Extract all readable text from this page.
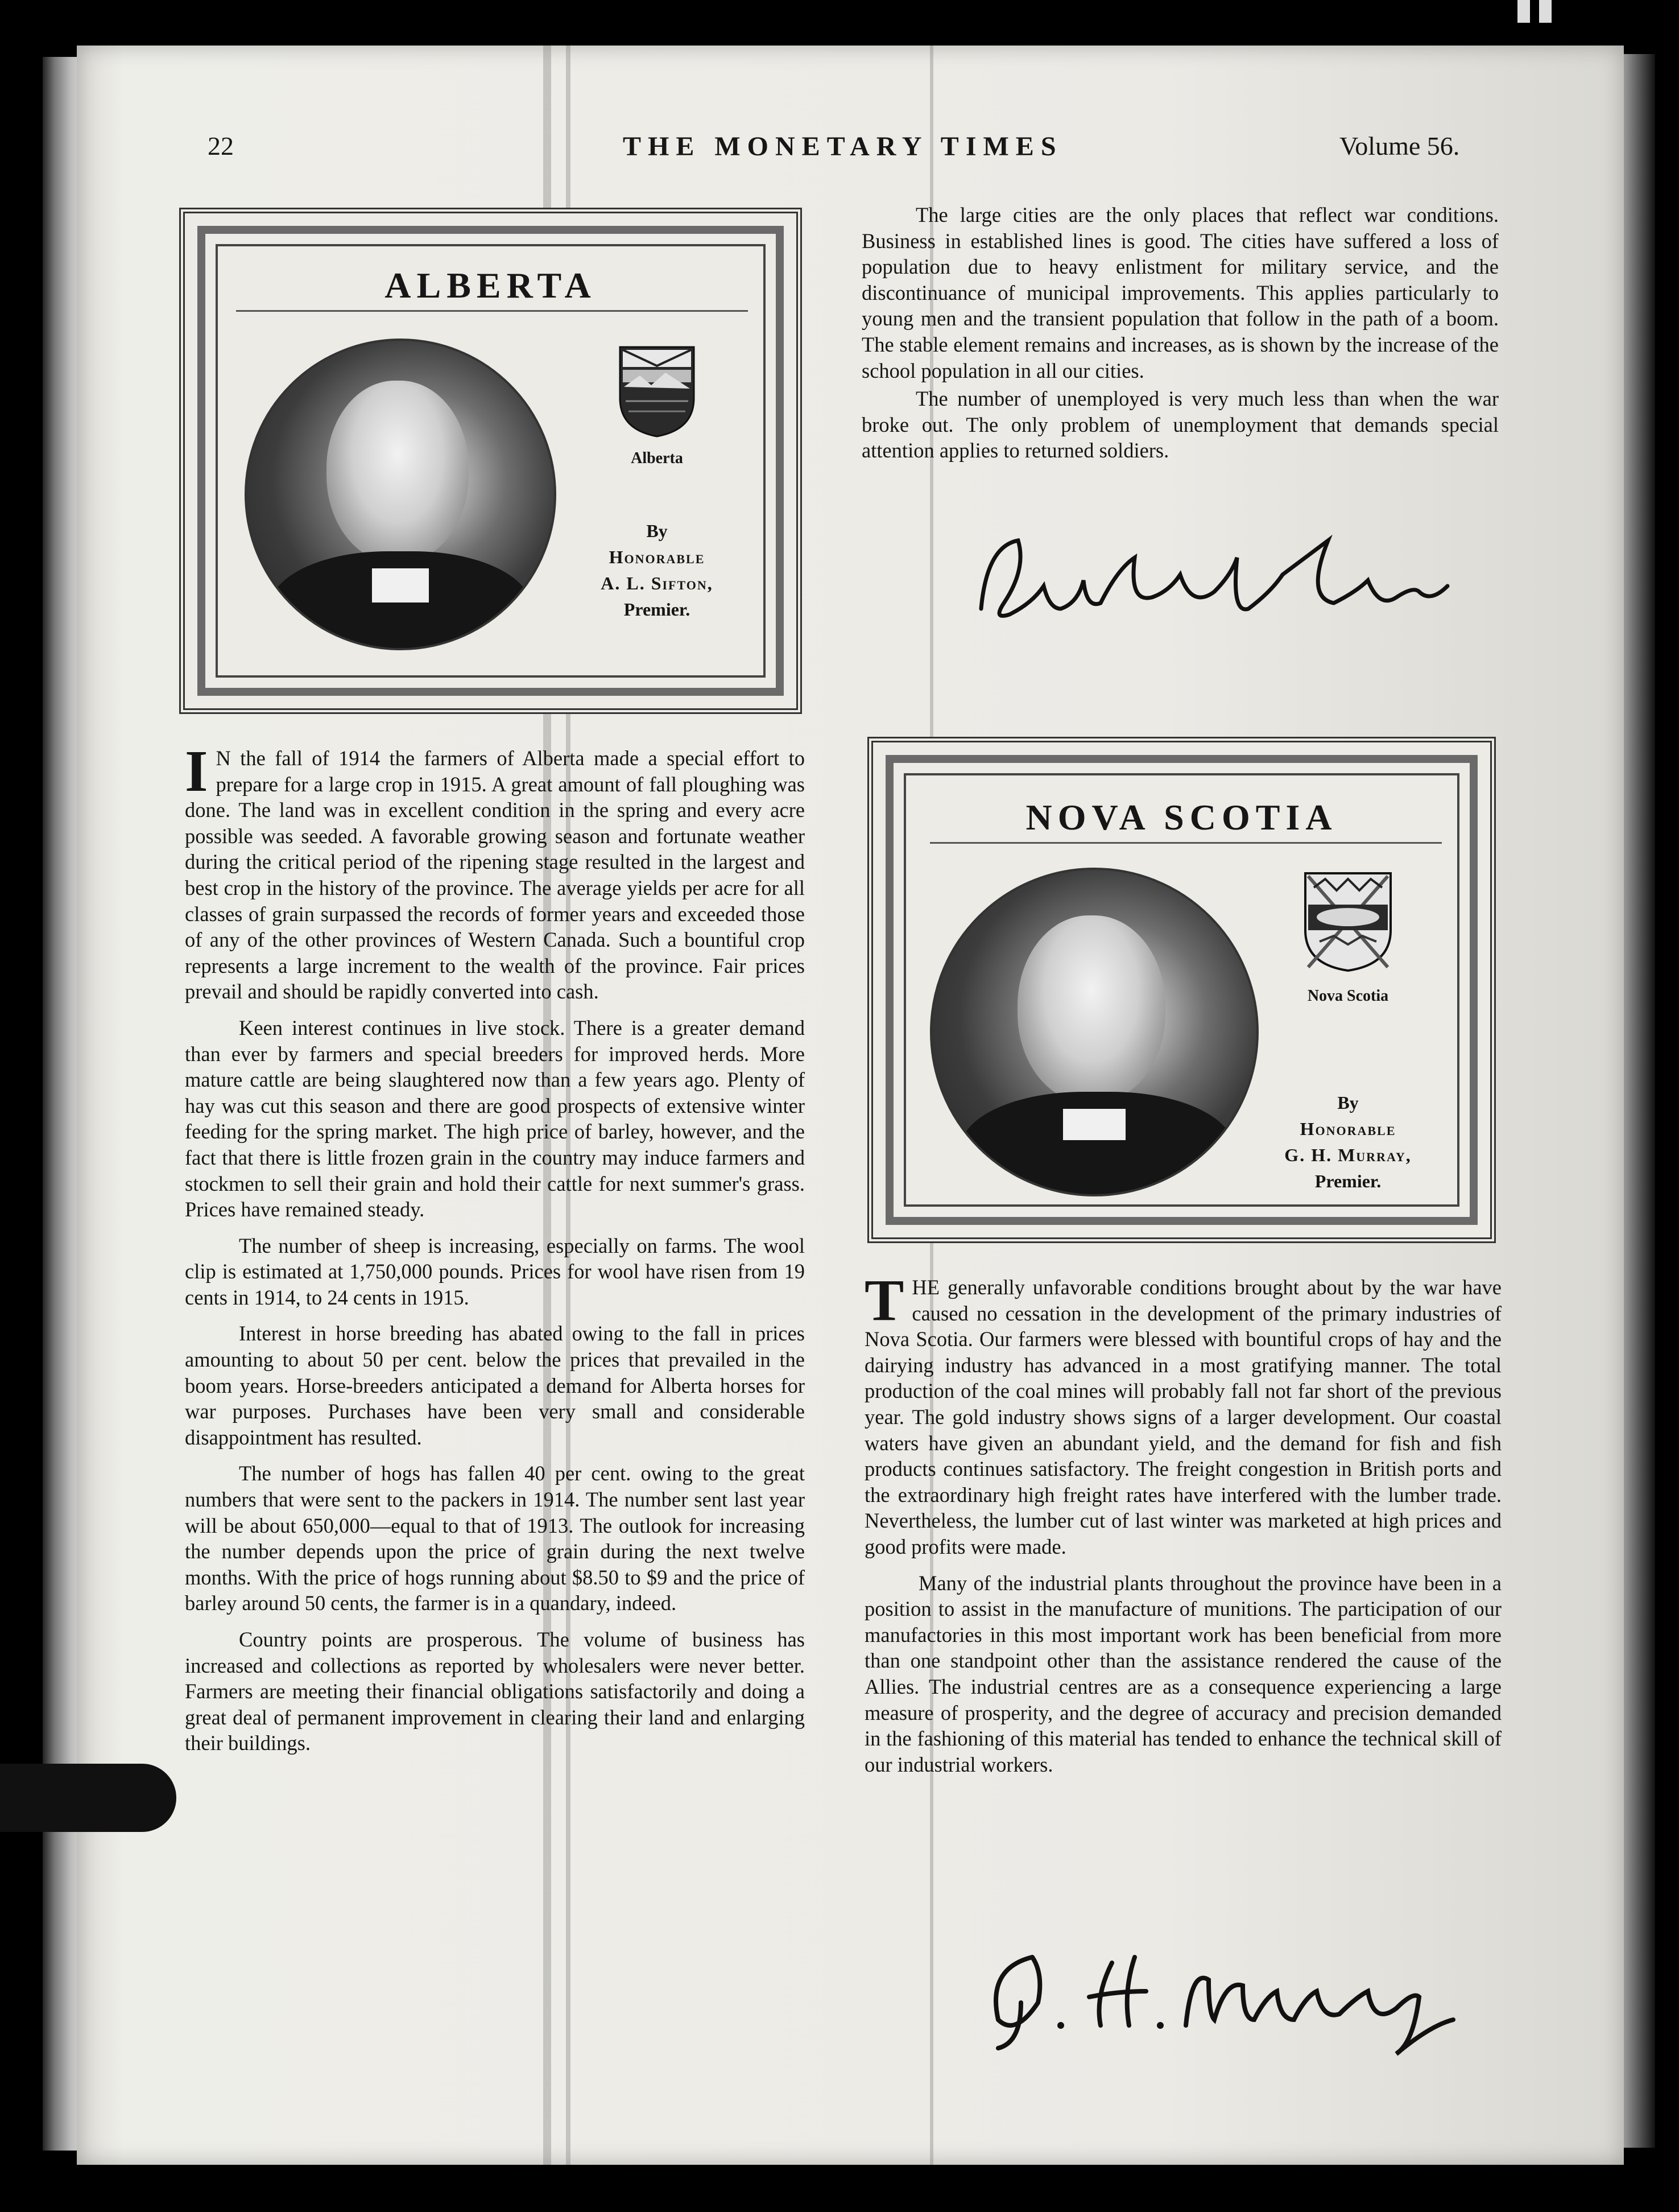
22	THE MONETARY TIMES	Volume 56.
ALBERTA
Alberta
By
Honorable
A. L. Sifton,
Premier.

I N the fall of 1914 the farmers of Alberta made a special effort to prepare for a large crop in 1915. A great amount of fall ploughing was done. The land was in excellent condition in the spring and every acre possible was seeded. A favorable growing season and fortunate weather during the critical period of the ripening stage resulted in the largest and best crop in the history of the province. The average yields per acre for all classes of grain surpassed the records of former years and exceeded those of any of the other provinces of Western Canada. Such a bountiful crop represents a large increment to the wealth of the province. Fair prices prevail and should be rapidly converted into cash.

Keen interest continues in live stock. There is a greater demand than ever by farmers and special breeders for improved herds. More mature cattle are being slaughtered now than a few years ago. Plenty of hay was cut this season and there are good prospects of extensive winter feeding for the spring market. The high price of barley, however, and the fact that there is little frozen grain in the country may induce farmers and stockmen to sell their grain and hold their cattle for next summer's grass. Prices have remained steady.

The number of sheep is increasing, especially on farms. The wool clip is estimated at 1,750,000 pounds. Prices for wool have risen from 19 cents in 1914, to 24 cents in 1915.

Interest in horse breeding has abated owing to the fall in prices amounting to about 50 per cent. below the prices that prevailed in the boom years. Horse-breeders anticipated a demand for Alberta horses for war purposes. Purchases have been very small and considerable disappointment has resulted.

The number of hogs has fallen 40 per cent. owing to the great numbers that were sent to the packers in 1914. The number sent last year will be about 650,000—equal to that of 1913. The outlook for increasing the number depends upon the price of grain during the next twelve months. With the price of hogs running about $8.50 to $9 and the price of barley around 50 cents, the farmer is in a quandary, indeed.

Country points are prosperous. The volume of business has increased and collections as reported by wholesalers were never better. Farmers are meeting their financial obligations satisfactorily and doing a great deal of permanent improvement in clearing their land and enlarging their buildings.

The large cities are the only places that reflect war conditions. Business in established lines is good. The cities have suffered a loss of population due to heavy enlistment for military service, and the discontinuance of municipal improvements. This applies particularly to young men and the transient population that follow in the path of a boom. The stable element remains and increases, as is shown by the increase of the school population in all our cities.

The number of unemployed is very much less than when the war broke out. The only problem of unemployment that demands special attention applies to returned soldiers.

NOVA SCOTIA
Nova Scotia
By
Honorable
G. H. Murray,
Premier.

THE generally unfavorable conditions brought about by the war have caused no cessation in the development of the primary industries of Nova Scotia. Our farmers were blessed with bountiful crops of hay and the dairying industry has advanced in a most gratifying manner. The total production of the coal mines will probably fall not far short of the previous year. The gold industry shows signs of a larger development. Our coastal waters have given an abundant yield, and the demand for fish and fish products continues satisfactory. The freight congestion in British ports and the extraordinary high freight rates have interfered with the lumber trade. Nevertheless, the lumber cut of last winter was marketed at high prices and good profits were made.

Many of the industrial plants throughout the province have been in a position to assist in the manufacture of munitions. The participation of our manufactories in this most important work has been beneficial from more than one standpoint other than the assistance rendered the cause of the Allies. The industrial centres are as a consequence experiencing a large measure of prosperity, and the degree of accuracy and precision demanded in the fashioning of this material has tended to enhance the technical skill of our industrial workers.
